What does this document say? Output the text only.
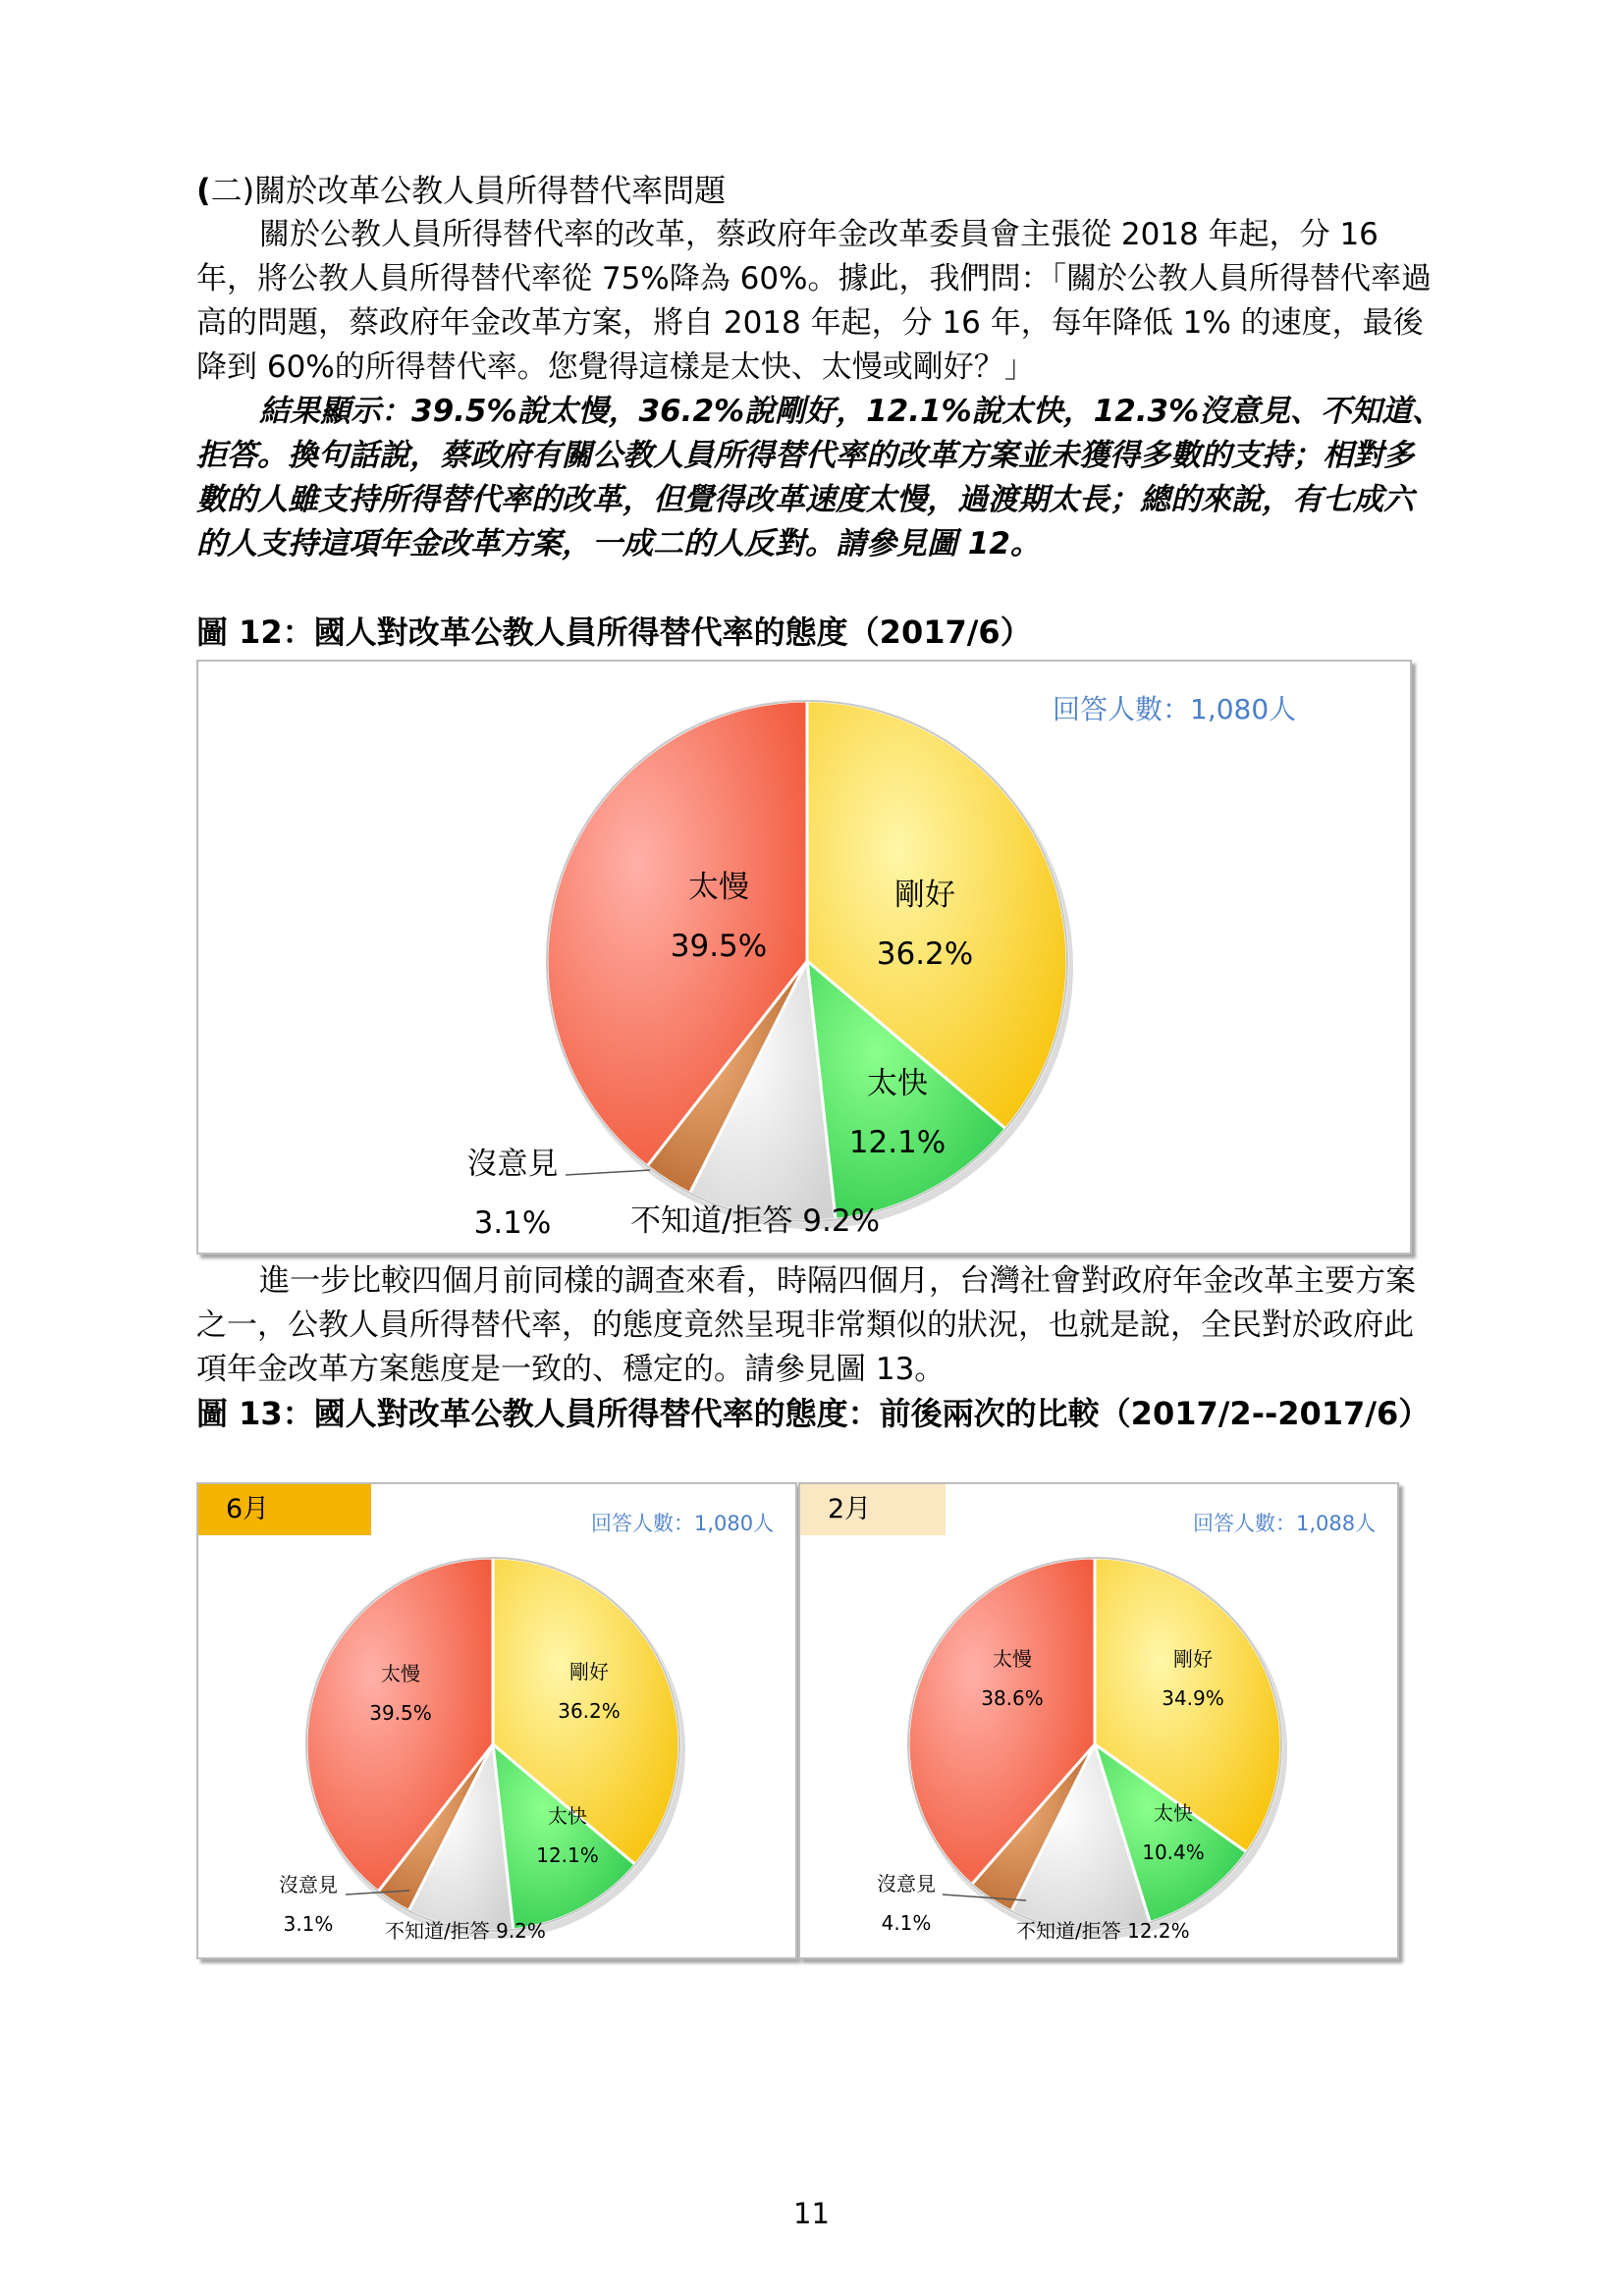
(二)關於改革公教人員所得替代率問題
關於公教人員所得替代率的改革，蔡政府年金改革委員會主張從 2018 年起，分 16 年，將公教人員所得替代率從 75%降為 60%。據此，我們問：「關於公教人員所得替代率過高的問題，蔡政府年金改革方案，將自 2018 年起，分 16 年，每年降低 1% 的速度，最後降到 60%的所得替代率。您覺得這樣是太快、太慢或剛好？」
結果顯示：39.5%說太慢，36.2%說剛好，12.1%說太快，12.3%沒意見、不知道、拒答。換句話說，蔡政府有關公教人員所得替代率的改革方案並未獲得多數的支持；相對多數的人雖支持所得替代率的改革，但覺得改革速度太慢，過渡期太長；總的來說，有七成六的人支持這項年金改革方案，一成二的人反對。請參見圖 12。
圖 12：國人對改革公教人員所得替代率的態度（2017/6）
剛好
36.2%
太快
12.1%
不知道/拒答 9.2%
沒意見
3.1%
太慢
39.5%
回答人數：1,080人
進一步比較四個月前同樣的調查來看，時隔四個月，台灣社會對政府年金改革主要方案之一，公教人員所得替代率，的態度竟然呈現非常類似的狀況，也就是說，全民對於政府此項年金改革方案態度是一致的、穩定的。請參見圖 13。
圖 13：國人對改革公教人員所得替代率的態度：前後兩次的比較（2017/2--2017/6）
6月
剛好
36.2%
太快
12.1%
不知道/拒答 9.2%
沒意見
3.1%
太慢
39.5%
回答人數：1,080人	2月
剛好
34.9%
太快
10.4%
不知道/拒答 12.2%
沒意見
4.1%
太慢
38.6%
回答人數：1,088人
11
